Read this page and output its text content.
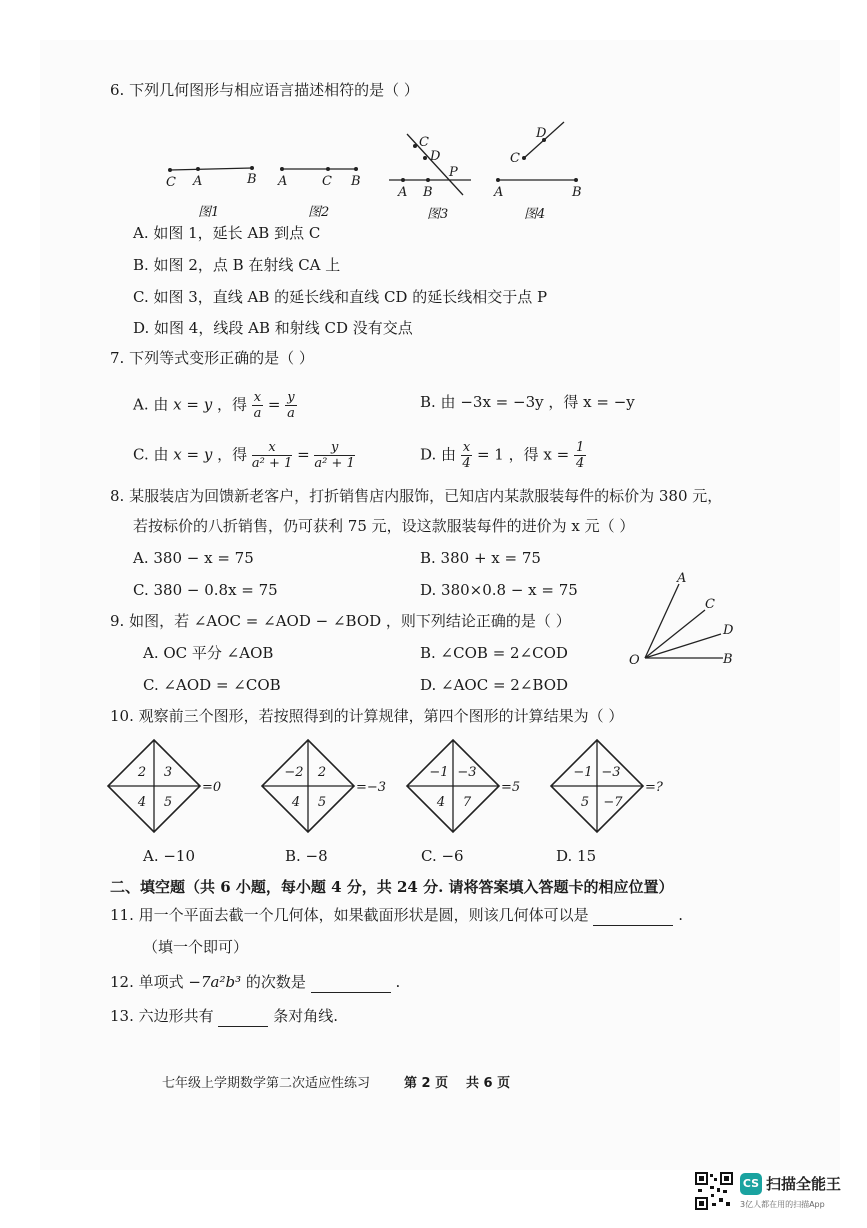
6. 下列几何图形与相应语言描述相符的是（ ）
C A	B
图1
A	C B
图2
C
D
P
A B
图3
D
C
A	B
图4
A. 如图 1，延长 AB 到点 C
B. 如图 2，点 B 在射线 CA 上
C. 如图 3，直线 AB 的延长线和直线 CD 的延长线相交于点 P
D. 如图 4，线段 AB 和射线 CD 没有交点
7. 下列等式变形正确的是（ ）
A. 由 x = y ，得 $\frac{x}{a} = \frac{y}{a}$	B. 由 −3x = −3y ，得 x = −y
C. 由 x = y ，得 $\frac{x}{\text{a² + 1}} = \frac{y}{\text{a² + 1}}$	D. 由 $\frac{x}{4} = 1$ ，得 $x = \frac{1}{4}$
8. 某服装店为回馈新老客户，打折销售店内服饰，已知店内某款服装每件的标价为 380 元，
若按标价的八折销售，仍可获利 75 元，设这款服装每件的进价为 x 元（ ）
A. 380 − x = 75	B. 380 + x = 75
C. 380 − 0.8x = 75	D. 380×0.8 − x = 75
9. 如图，若 ∠AOC = ∠AOD − ∠BOD ，则下列结论正确的是（ ）
A. OC 平分 ∠AOB	B. ∠COB = 2∠COD
C. ∠AOD = ∠COB	D. ∠AOC = 2∠BOD
A
C
D
O	B
10. 观察前三个图形，若按照得到的计算规律，第四个图形的计算结果为（ ）
2 3
4 5
=0
−2 2
4 5
=−3
−1 −3
4 7
=5
−1 −3
5 −7
=?
A. −10	B. −8	C. −6	D. 15
二、填空题（共 6 小题，每小题 4 分，共 24 分. 请将答案填入答题卡的相应位置）
11. 用一个平面去截一个几何体，如果截面形状是圆，则该几何体可以是	.
（填一个即可）
12. 单项式 −7a²b³ 的次数是	.
13. 六边形共有	条对角线.
七年级上学期数学第二次适应性练习	第 2 页 共 6 页
CS 扫描全能王
3亿人都在用的扫描App
